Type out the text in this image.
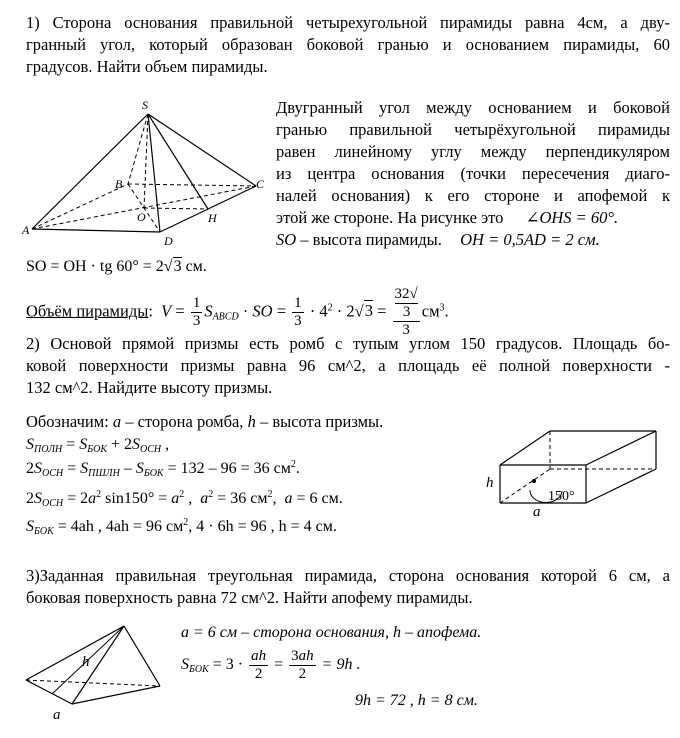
1) Сторона основания правильной четырехугольной пирамиды равна 4см, а дву-
гранный угол, который образован боковой гранью и основанием пирамиды, 60
градусов. Найти объем пирамиды.
S
B	C
A
O	H
D
Двугранный угол между основанием и боковой
гранью правильной четырёхугольной пирамиды
равен линейному углу между перпендикуляром
из центра основания (точки пересечения диаго-
налей основания) к его стороне и апофемой к
этой же стороне. На рисунке это ∠OHS = 60°.
SO – высота пирамиды. OH = 0,5AD = 2 см.
SO = OH · tg 60° = 2√3 см.
Объём пирамиды:  $V = \frac{1}{3} S_{ABCD}$ · SO = $\frac{1}{3} \cdot 4^2 \cdot 2√3 = 32√$
3
3 $см^3$.
2) Основой прямой призмы есть ромб с тупым углом 150 градусов. Площадь бо-
ковой поверхности призмы равна 96 см^2, а площадь её полной поверхности -
132 см^2. Найдите высоту призмы.
Обозначим: a – сторона ромба, h – высота призмы.
$S_{ПОЛН} = S_{БОК} + 2S_{ОСН}$ ,
$2S_{ОСН} = S_{ПШЛН} - S_{БОК} = 132 - 96 = 36$ $см^2$.
$2S_{ОСН} = 2a^2$ $\sin 150^\circ = a^2$ ,  $a^2 = 36$ $см^2$,  a = 6 см.
$S_{БОК} = 4ah$ , 4ah = 96 $см^2$, 4 · 6h = 96 , h = 4 см.
h
150°
a
3)Заданная правильная треугольная пирамида, сторона основания которой 6 см, а
боковая поверхность равна 72 см^2. Найти апофему пирамиды.
h
a
a = 6 см – сторона основания, h – апофема.
$S_{БОК} = 3 \cdot \frac{ah}{2} = \frac{3ah}{2} = 9h$ .
9h = 72 , h = 8 см.
